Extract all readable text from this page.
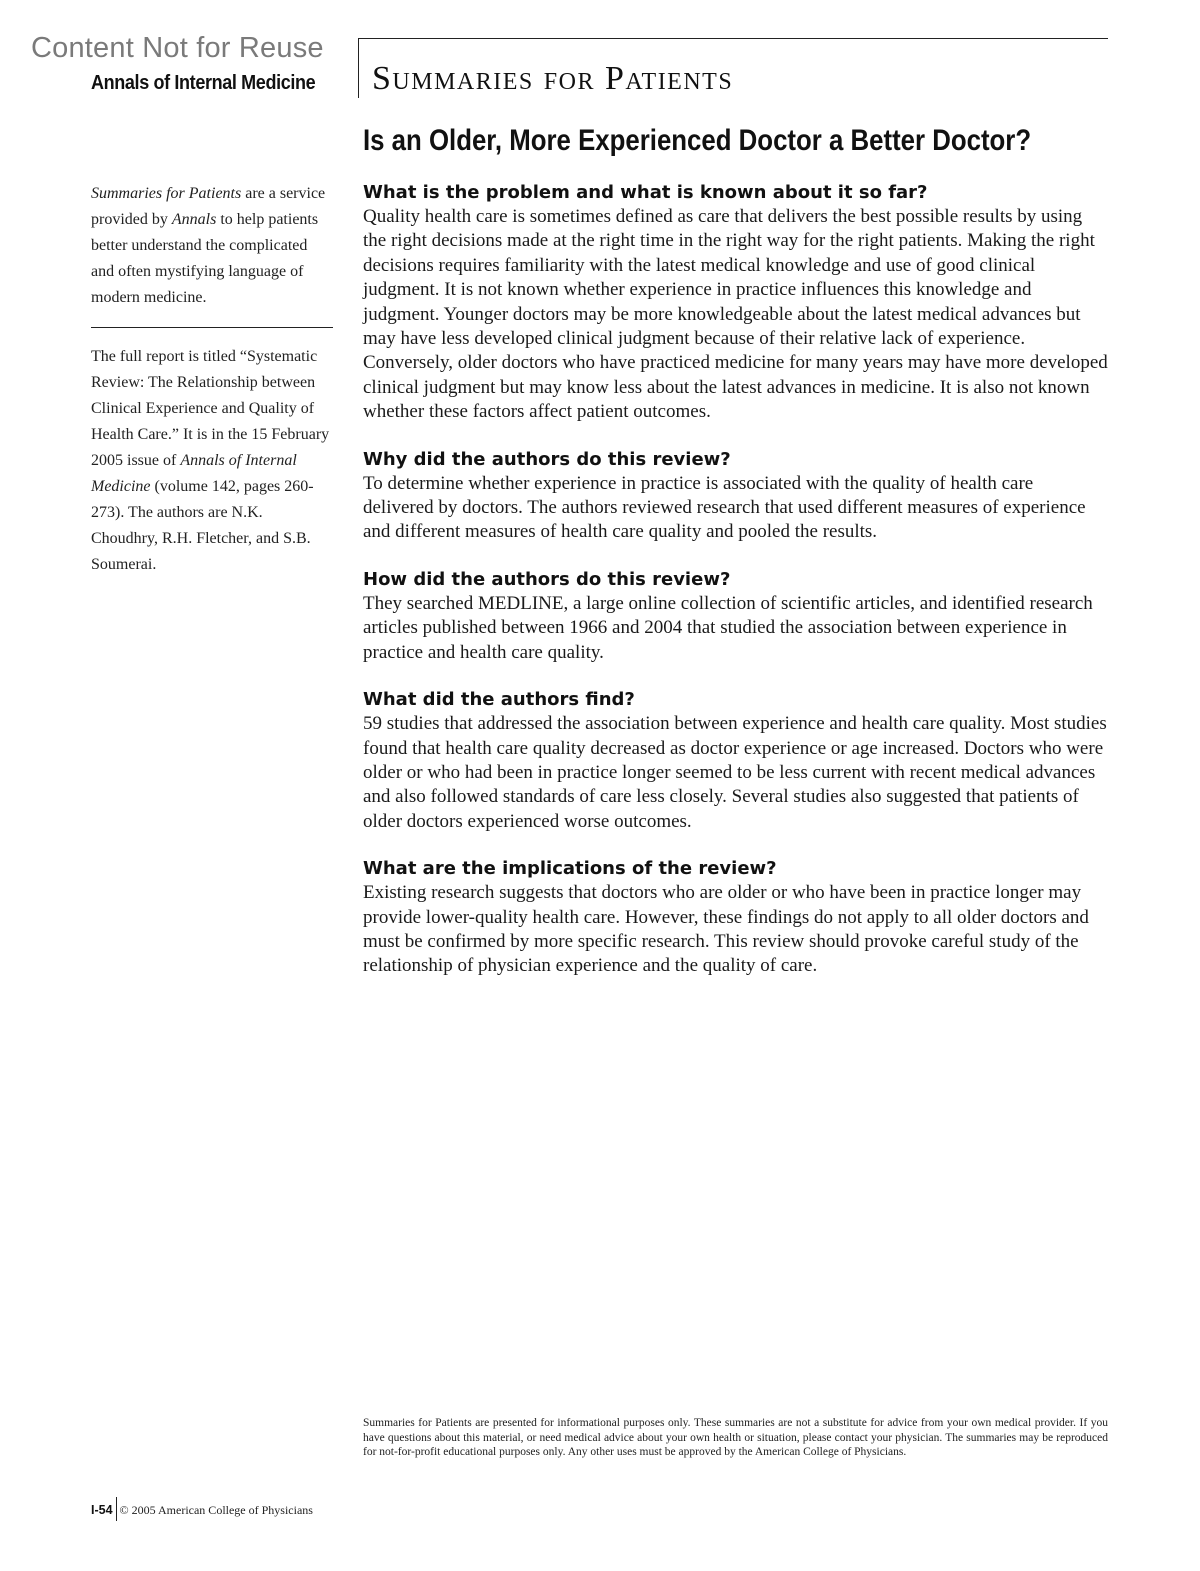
Content Not for Reuse
Annals of Internal Medicine Summaries for Patients
Is an Older, More Experienced Doctor a Better Doctor?
Summaries for Patients are a service provided by Annals to help patients better understand the complicated and often mystifying language of modern medicine.
The full report is titled “Systematic Review: The Relationship between Clinical Experience and Quality of Health Care.” It is in the 15 February 2005 issue of Annals of Internal Medicine (volume 142, pages 260-273). The authors are N.K. Choudhry, R.H. Fletcher, and S.B. Soumerai.
What is the problem and what is known about it so far?

Quality health care is sometimes defined as care that delivers the best possible results by using the right decisions made at the right time in the right way for the right patients. Making the right decisions requires familiarity with the latest medical knowledge and use of good clinical judgment. It is not known whether experience in practice influences this knowledge and judgment. Younger doctors may be more knowledgeable about the latest medical advances but may have less developed clinical judgment because of their relative lack of experience. Conversely, older doctors who have practiced medicine for many years may have more developed clinical judgment but may know less about the latest advances in medicine. It is also not known whether these factors affect patient outcomes.

Why did the authors do this review?

To determine whether experience in practice is associated with the quality of health care delivered by doctors. The authors reviewed research that used different measures of experience and different measures of health care quality and pooled the results.

How did the authors do this review?

They searched MEDLINE, a large online collection of scientific articles, and identified research articles published between 1966 and 2004 that studied the association between experience in practice and health care quality.

What did the authors find?

59 studies that addressed the association between experience and health care quality. Most studies found that health care quality decreased as doctor experience or age increased. Doctors who were older or who had been in practice longer seemed to be less current with recent medical advances and also followed standards of care less closely. Several studies also suggested that patients of older doctors experienced worse outcomes.

What are the implications of the review?

Existing research suggests that doctors who are older or who have been in practice longer may provide lower-quality health care. However, these findings do not apply to all older doctors and must be confirmed by more specific research. This review should provoke careful study of the relationship of physician experience and the quality of care.

Summaries for Patients are presented for informational purposes only. These summaries are not a substitute for advice from your own medical provider. If you have questions about this material, or need medical advice about your own health or situation, please contact your physician. The summaries may be reproduced for not-for-profit educational purposes only. Any other uses must be approved by the American College of Physicians.
I-54 © 2005 American College of Physicians
